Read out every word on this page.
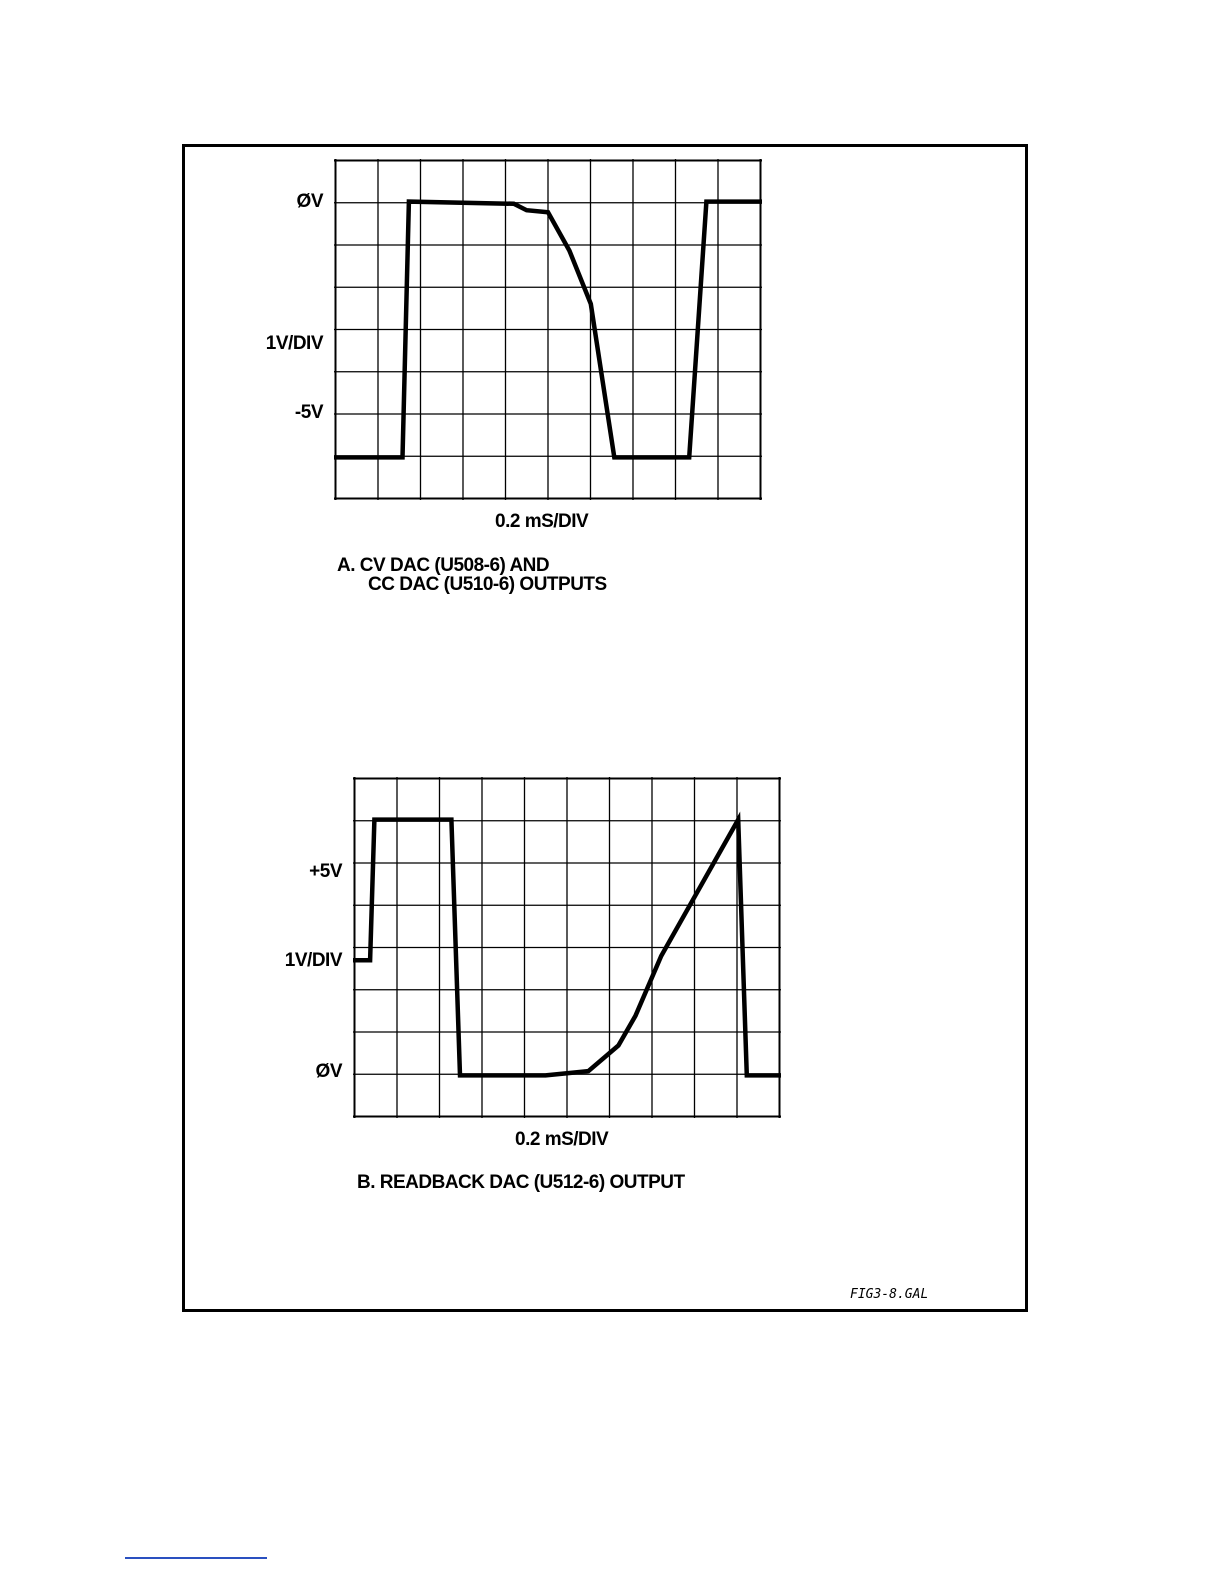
ØV
1V/DIV
-5V
0.2 mS/DIV
A. CV DAC (U508-6) AND
CC DAC (U510-6) OUTPUTS
+5V
1V/DIV
ØV
0.2 mS/DIV
B. READBACK DAC (U512-6) OUTPUT
FIG3-8.GAL
